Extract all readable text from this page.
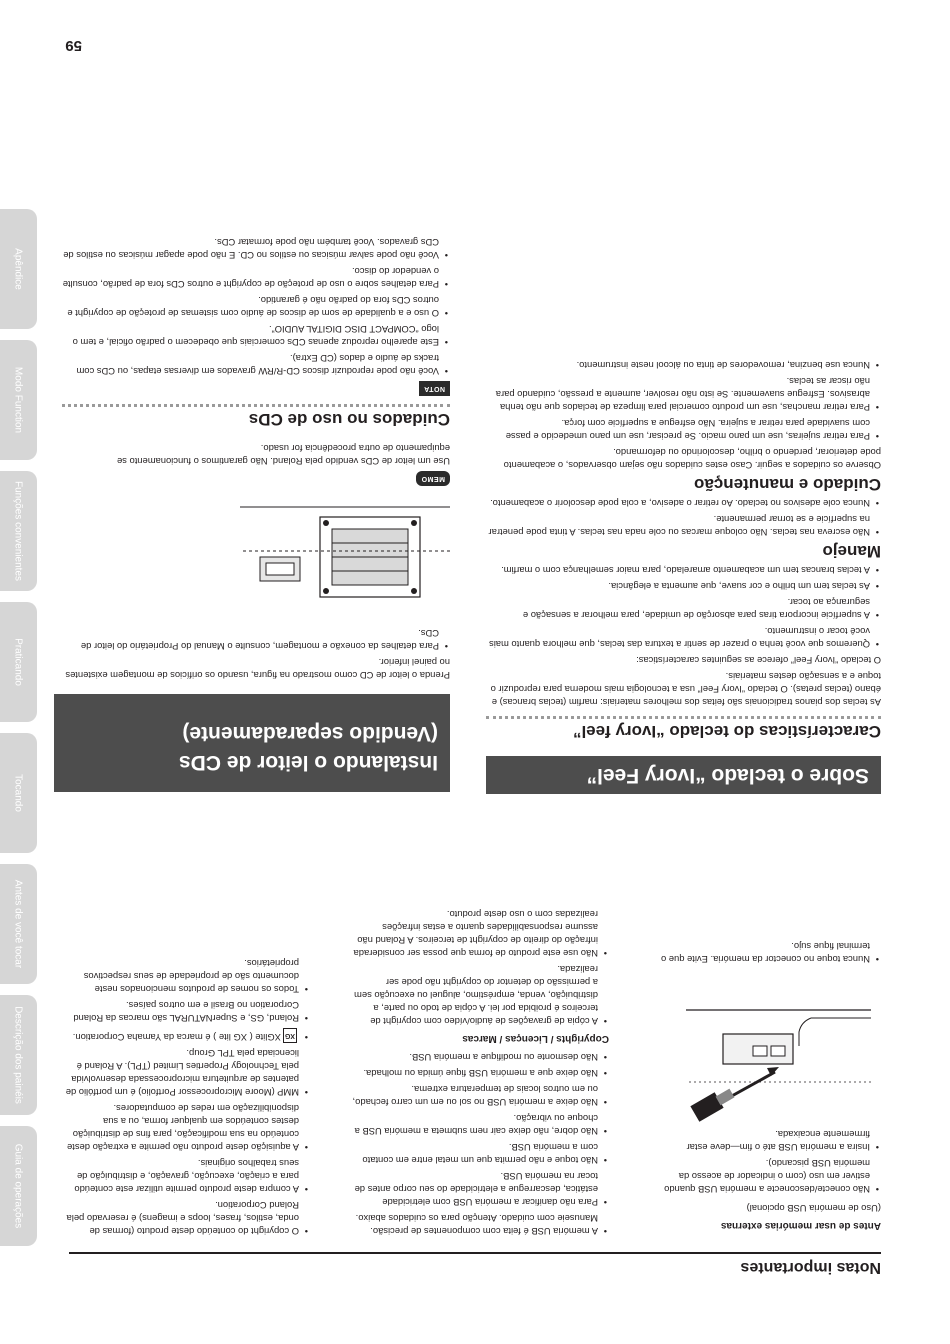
Guia de operações
Descrição dos painéis
Antes de você tocar
Tocando
Praticando
Funções convenientes
Modo Function
Apêndice
Notas importantes
59
Antes de usar memórias externas
(Uso de memória USB opcional)
• Não conecte/desconecte a memória USB quando estiver em uso (com o indicador de acesso da memória USB piscando).
• Insira a memória USB até o fim—deve estar firmemente encaixada.
• Nunca toque no conector da memória. Evite que o terminal fique sujo.
• A memória USB é feita com componentes de precisão. Manuseie com cuidado. Atenção para os cuidados abaixo.
• Para não danificar a memória USB com eletricidade estática, descarregue a eletricidade do seu corpo antes de tocar na memória USB.
• Não toque e não permita que um metal entre em contato com a memória USB.
• Não dobre, não deixe cair nem submeta a memória USB a choque ou vibração.
• Não deixe a memória USB no sol ou em um carro fechado, ou em outros locais de temperatura extrema.
• Não deixe que a memória USB fique úmida ou molhada.
• Não desmonte ou modifique a memória USB.
Copyrights / Licenças / Marcas
• A cópia de gravações de áudio/vídeo com copyright de terceiros é proibida por lei. A cópia de todo ou parte, a distribuição, venda, empréstimo, aluguel ou execução sem a permissão do detentor do copyright não pode ser realizada.
• Não use este produto de forma que possa ser considerada infração do direito de copyright de terceiros. A Roland não assume responsabilidades quanto a estas infrações realizadas com o uso deste produto.
• O copyright do conteúdo deste produto (formas de onda, estilos, frases, loops e imagens) é reservado pela Roland Corporation.
• A compra deste produto permite utilizar este conteúdo para a criação, execução, gravação, e distribuição de seus trabalhos originais.
• A aquisição deste produto não permite a extração deste conteúdo na sua modificação, para fins de distribuição destes conteúdos em qualquer forma, ou a sua disponibilização em redes de computadores.
• MMP (Moore Microprocessor Portfolio) é um portfólio de patentes de arquitetura microprocessada desenvolvida pela Technology Properties Limited (TPL). A Roland é licenciada pela TPL Group.
• XGXGlite ( XG lite ) é marca da Yamaha Corporation.
• Roland, GS, e SuperNATURAL são marcas da Roland Corporation no Brasil e em outros países.
• Todos os nomes de produtos mencionados neste documento são de propriedade de seus respectivos proprietários.
Sobre o teclado “Ivory Feel”
Características do teclado “Ivory feel”

As teclas dos pianos tradicionais são feitas dos melhores materiais: marfim (teclas brancas) e ébano (teclas pretas). O teclado “Ivory Feel” usa a tecnologia mais moderna para reproduzir o toque e a sensação destes materiais.

O teclado “Ivory Feel” oferece as seguintes características:

• Queremos que você tenha o prazer de sentir a textura das teclas, que melhora quanto mais você tocar o instrumento.
• A superfície incorpora tiras para absorção de umidade, para melhorar a sensação e segurança ao tocar.
• As teclas tem um brilho e cor suave, que aumenta a elegância.
• A teclas brancas tem um acabamento amarelado, para maior semelhança com o marfim.
Manejo
• Não escreva nas teclas. Não coloque marcas ou cole nada nas teclas. A tinta pode penetrar na superfície e se tornar permanente.
• Nunca cole adesivos no teclado. Ao retirar o adesivo, a cola pode descolorir o acabamento.
Cuidado e manutenção

Observe os cuidados a seguir. Caso estes cuidados não sejam observados, o acabamento pode deteriorar, perdendo o brilho, descolorindo ou deformando.

• Para retirar sujeiras, use um pano macio. Se precisar, use um pano umedecido e passe com suavidade para retirar a sujeira. Não esfregue a superfície com força.
• Para retirar manchas, use um produto comercial para limpeza de teclados que não tenha abrasivos. Esfregue suavemente. Se isto não resolver, aumente a pressão, cuidando para não riscar as teclas.
• Nunca use benzina, removedores de tinta ou álcool neste instrumento.
Instalando o leitor de CDs
(Vendido separadamente)

Prenda o leitor de CD como mostrado na figura, usando os orifícios de montagem existentes no painel inferior.

• Para detalhes da conexão e montagem, consulte o Manual do Proprietário do leitor de CDs.
MEMO

Use um leitor de CDs vendido pela Roland. Não garantimos o funcionamento se equipamento de outra procedência for usado.

Cuidados no uso de CDs
NOTA
• Você não pode reproduzir discos CD-R/RW gravados em diversas etapas, ou CDs com tracks de áudio e dados (CD Extra).
• Este aparelho reproduz apenas CDs comerciais que obedecem o padrão oficial, e tem o logo “COMPACT DISC DIGITAL AUDIO”.
• O uso e a qualidade de som de discos de áudio com sistemas de proteção de copyright e outros CDs fora do padrão não é garantido.
• Para detalhes sobre o uso de proteção de copyright e outros CDs fora de padrão, consulte o vendedor do disco.
• Você não pode salvar músicas ou estilos no CD. E não pode apagar músicas ou estilos de CDs gravados. Você também não pode formatar CDs.
